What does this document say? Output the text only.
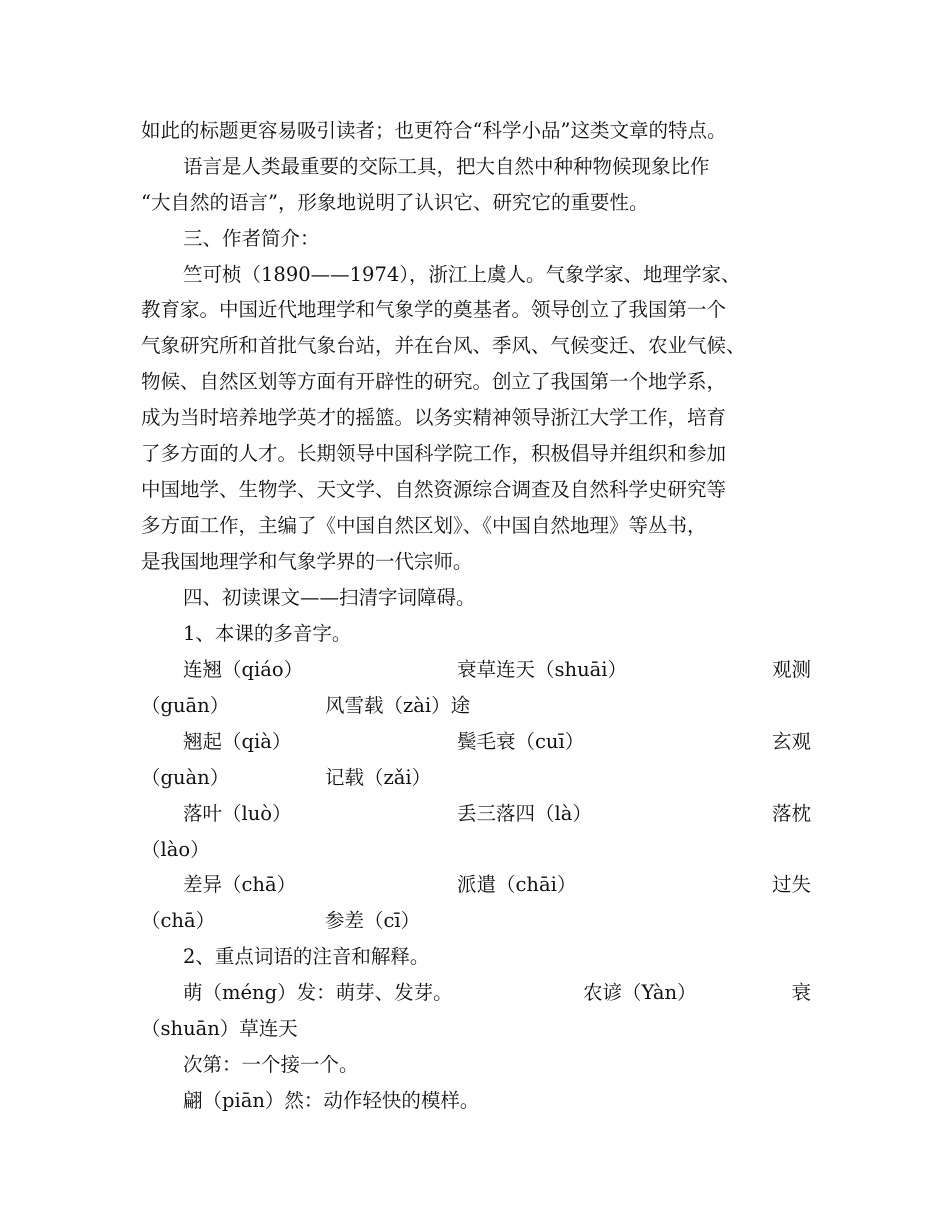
如此的标题更容易吸引读者；也更符合“科学小品”这类文章的特点。
语言是人类最重要的交际工具，把大自然中种种物候现象比作
“大自然的语言”，形象地说明了认识它、研究它的重要性。
三、作者简介：
竺可桢（1890——1974），浙江上虞人。气象学家、地理学家、
教育家。中国近代地理学和气象学的奠基者。领导创立了我国第一个
气象研究所和首批气象台站，并在台风、季风、气候变迁、农业气候、
物候、自然区划等方面有开辟性的研究。创立了我国第一个地学系，
成为当时培养地学英才的摇篮。以务实精神领导浙江大学工作，培育
了多方面的人才。长期领导中国科学院工作，积极倡导并组织和参加
中国地学、生物学、天文学、自然资源综合调查及自然科学史研究等
多方面工作，主编了《中国自然区划》、《中国自然地理》等丛书，
是我国地理学和气象学界的一代宗师。
四、初读课文——扫清字词障碍。
1、本课的多音字。
连翘（qiáo）	衰草连天（shuāi）	观测
（guān）	风雪载（zài）途
翘起（qià）	鬓毛衰（cuī）	玄观
（guàn）	记载（zǎi）
落叶（luò）	丢三落四（là）	落枕
（lào）
差异（chā）	派遣（chāi）	过失
（chā）	参差（cī）
2、重点词语的注音和解释。
萌（méng）发：萌芽、发芽。	农谚（Yàn）	衰
（shuān）草连天
次第：一个接一个。
翩（piān）然：动作轻快的模样。
